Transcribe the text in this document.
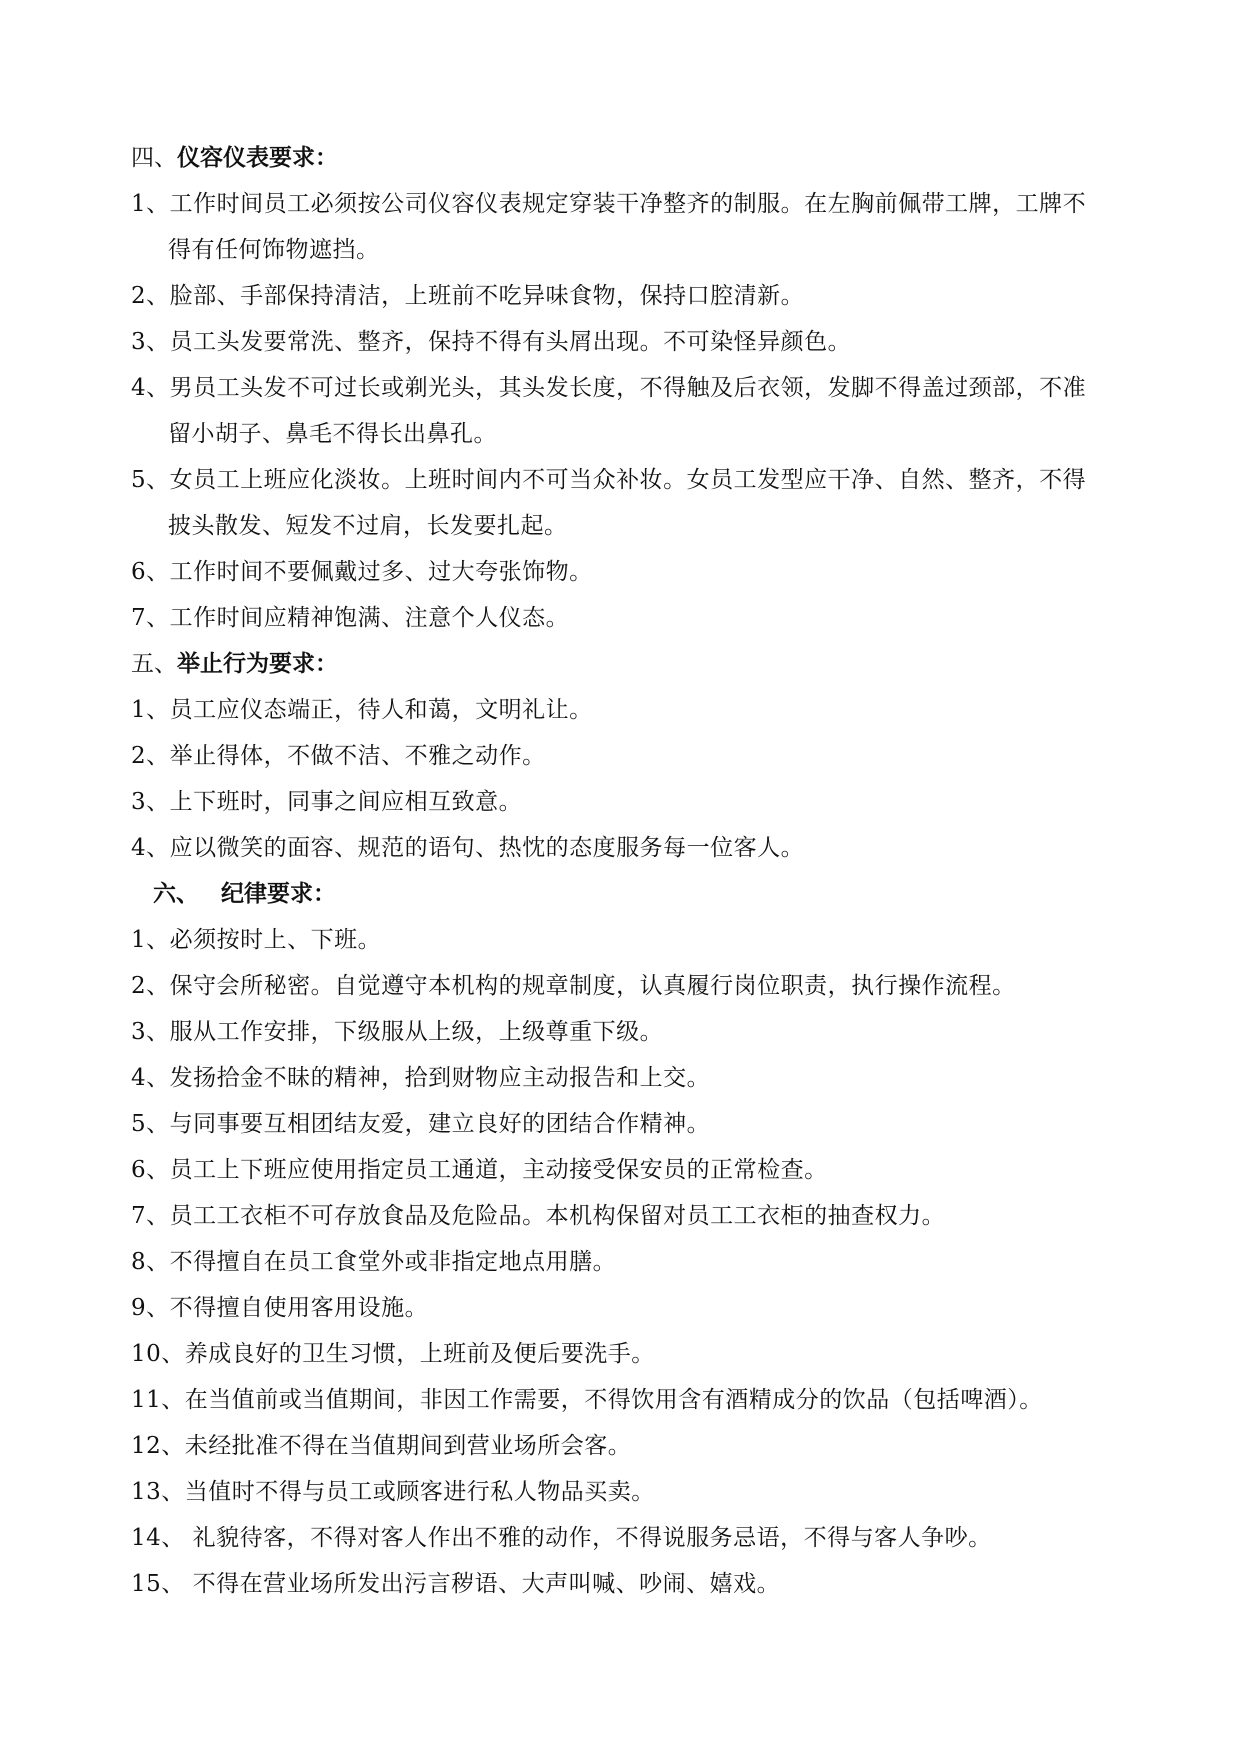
四、仪容仪表要求：
1、工作时间员工必须按公司仪容仪表规定穿装干净整齐的制服。在左胸前佩带工牌，工牌不
得有任何饰物遮挡。
2、脸部、手部保持清洁，上班前不吃异味食物，保持口腔清新。
3、员工头发要常洗、整齐，保持不得有头屑出现。不可染怪异颜色。
4、男员工头发不可过长或剃光头，其头发长度，不得触及后衣领，发脚不得盖过颈部，不准
留小胡子、鼻毛不得长出鼻孔。
5、女员工上班应化淡妆。上班时间内不可当众补妆。女员工发型应干净、自然、整齐，不得
披头散发、短发不过肩，长发要扎起。
6、工作时间不要佩戴过多、过大夸张饰物。
7、工作时间应精神饱满、注意个人仪态。
五、举止行为要求：
1、员工应仪态端正，待人和蔼，文明礼让。
2、举止得体，不做不洁、不雅之动作。
3、上下班时，同事之间应相互致意。
4、应以微笑的面容、规范的语句、热忱的态度服务每一位客人。
六、 纪律要求：
1、必须按时上、下班。
2、保守会所秘密。自觉遵守本机构的规章制度，认真履行岗位职责，执行操作流程。
3、服从工作安排，下级服从上级，上级尊重下级。
4、发扬拾金不昧的精神，拾到财物应主动报告和上交。
5、与同事要互相团结友爱，建立良好的团结合作精神。
6、员工上下班应使用指定员工通道，主动接受保安员的正常检查。
7、员工工衣柜不可存放食品及危险品。本机构保留对员工工衣柜的抽查权力。
8、不得擅自在员工食堂外或非指定地点用膳。
9、不得擅自使用客用设施。
10、养成良好的卫生习惯，上班前及便后要洗手。
11、在当值前或当值期间，非因工作需要，不得饮用含有酒精成分的饮品（包括啤酒）。
12、未经批准不得在当值期间到营业场所会客。
13、当值时不得与员工或顾客进行私人物品买卖。
14、 礼貌待客，不得对客人作出不雅的动作，不得说服务忌语，不得与客人争吵。
15、 不得在营业场所发出污言秽语、大声叫喊、吵闹、嬉戏。
